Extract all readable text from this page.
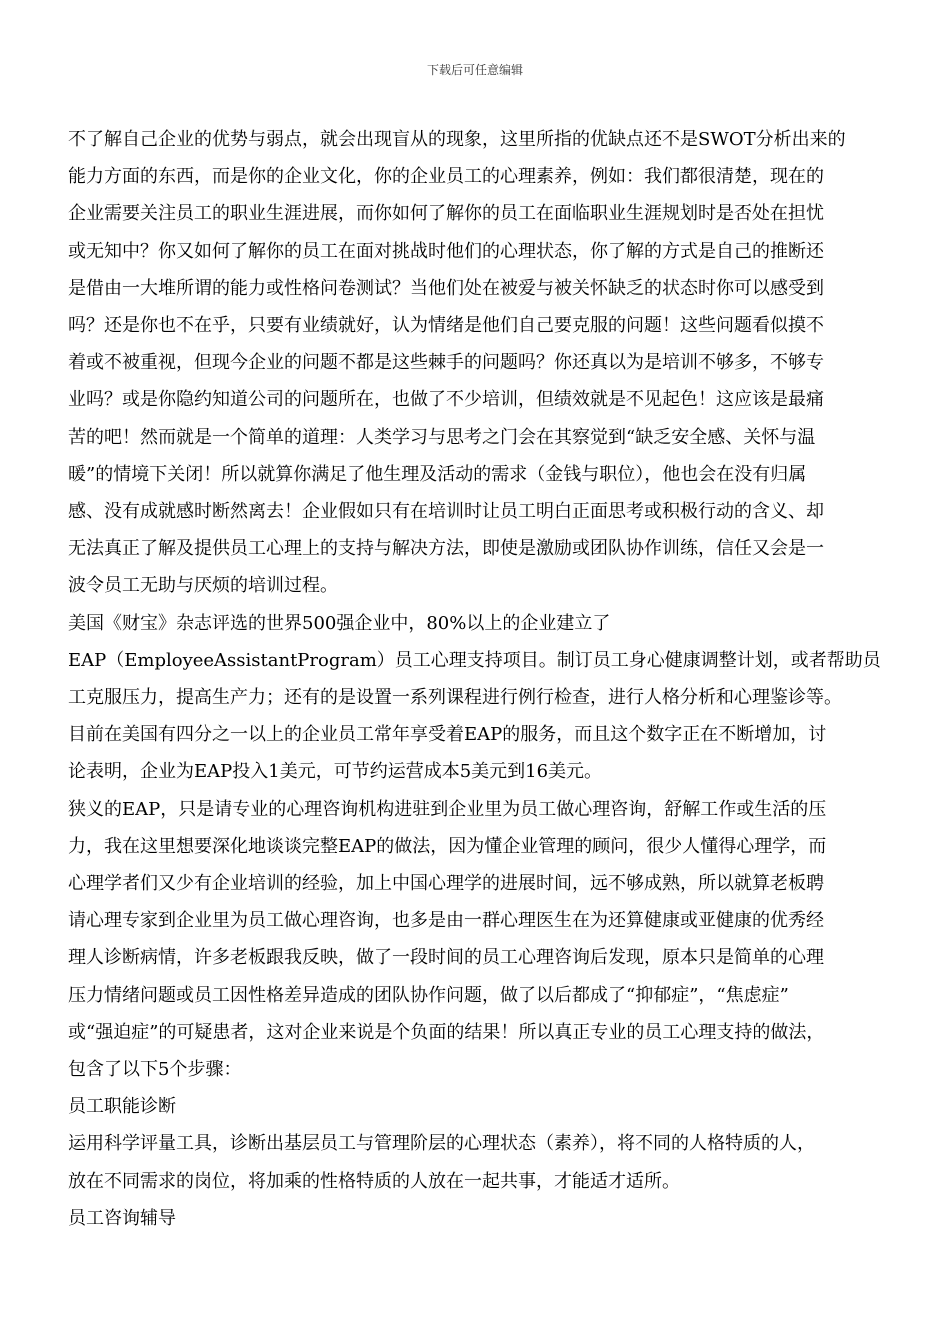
下载后可任意编辑

不了解自己企业的优势与弱点，就会出现盲从的现象，这里所指的优缺点还不是SWOT分析出来的
能力方面的东西，而是你的企业文化，你的企业员工的心理素养，例如：我们都很清楚，现在的
企业需要关注员工的职业生涯进展，而你如何了解你的员工在面临职业生涯规划时是否处在担忧
或无知中？你又如何了解你的员工在面对挑战时他们的心理状态，你了解的方式是自己的推断还
是借由一大堆所谓的能力或性格问卷测试？当他们处在被爱与被关怀缺乏的状态时你可以感受到
吗？还是你也不在乎，只要有业绩就好，认为情绪是他们自己要克服的问题！这些问题看似摸不
着或不被重视，但现今企业的问题不都是这些棘手的问题吗？你还真以为是培训不够多，不够专
业吗？或是你隐约知道公司的问题所在，也做了不少培训，但绩效就是不见起色！这应该是最痛
苦的吧！然而就是一个简单的道理：人类学习与思考之门会在其察觉到“缺乏安全感、关怀与温
暖”的情境下关闭！所以就算你满足了他生理及活动的需求（金钱与职位），他也会在没有归属
感、没有成就感时断然离去！企业假如只有在培训时让员工明白正面思考或积极行动的含义、却
无法真正了解及提供员工心理上的支持与解决方法，即使是激励或团队协作训练，信任又会是一
波令员工无助与厌烦的培训过程。

美国《财宝》杂志评选的世界500强企业中，80%以上的企业建立了
EAP（EmployeeAssistantProgram）员工心理支持项目。制订员工身心健康调整计划，或者帮助员
工克服压力，提高生产力；还有的是设置一系列课程进行例行检查，进行人格分析和心理鉴诊等。
目前在美国有四分之一以上的企业员工常年享受着EAP的服务，而且这个数字正在不断增加，讨
论表明，企业为EAP投入1美元，可节约运营成本5美元到16美元。

狭义的EAP，只是请专业的心理咨询机构进驻到企业里为员工做心理咨询，舒解工作或生活的压
力，我在这里想要深化地谈谈完整EAP的做法，因为懂企业管理的顾问，很少人懂得心理学，而
心理学者们又少有企业培训的经验，加上中国心理学的进展时间，远不够成熟，所以就算老板聘
请心理专家到企业里为员工做心理咨询，也多是由一群心理医生在为还算健康或亚健康的优秀经
理人诊断病情，许多老板跟我反映，做了一段时间的员工心理咨询后发现，原本只是简单的心理
压力情绪问题或员工因性格差异造成的团队协作问题，做了以后都成了“抑郁症”，“焦虑症”
或“强迫症”的可疑患者，这对企业来说是个负面的结果！所以真正专业的员工心理支持的做法，
包含了以下5个步骤：

员工职能诊断

运用科学评量工具，诊断出基层员工与管理阶层的心理状态（素养），将不同的人格特质的人，
放在不同需求的岗位，将加乘的性格特质的人放在一起共事，才能适才适所。

员工咨询辅导
